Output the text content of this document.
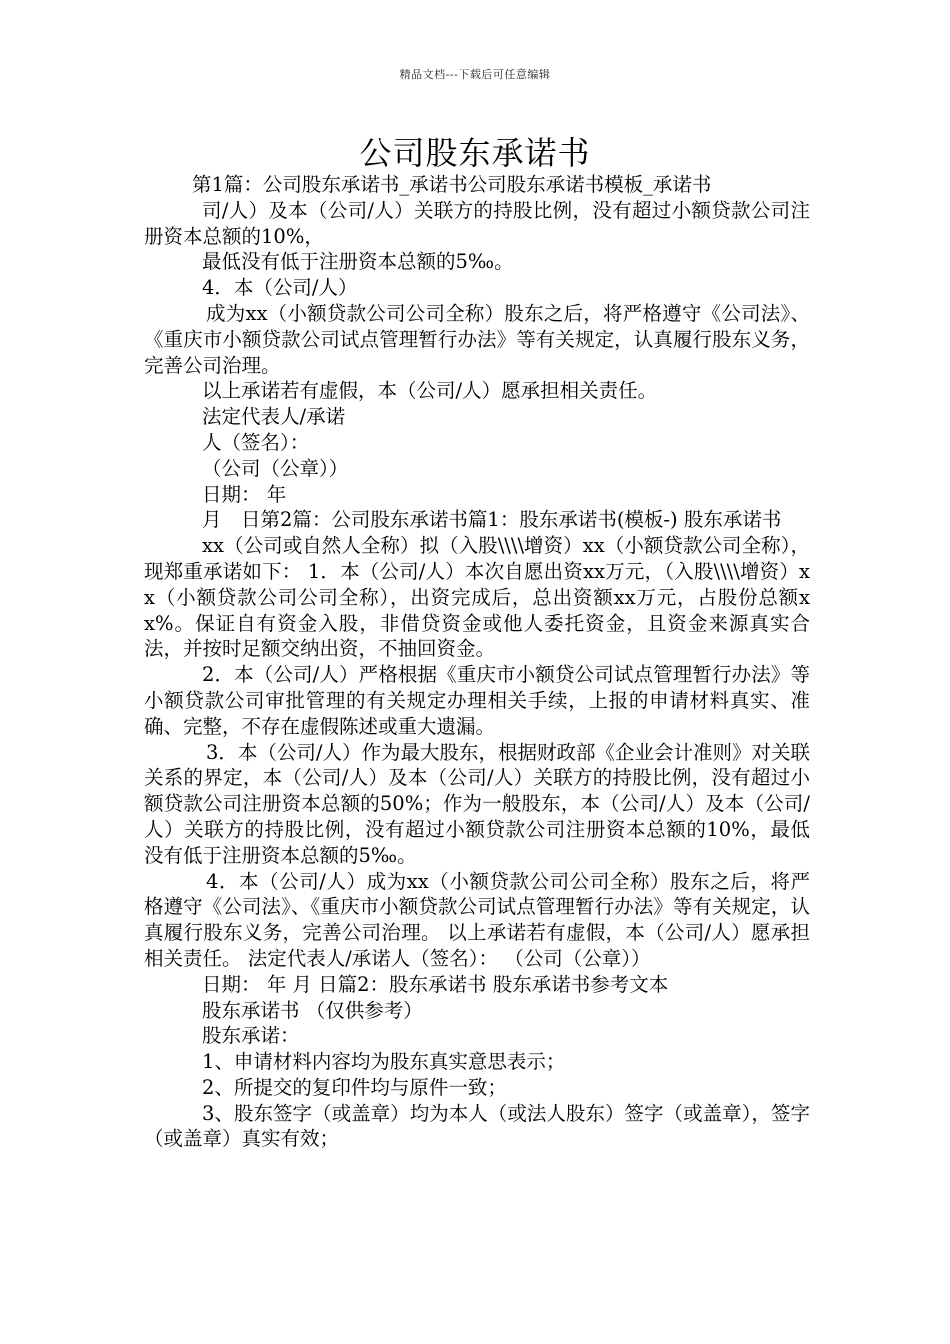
精品文档---下载后可任意编辑
公司股东承诺书

第1篇：公司股东承诺书_承诺书公司股东承诺书模板_承诺书

司/人）及本（公司/人）关联方的持股比例，没有超过小额贷款公司注册资本总额的10%，

最低没有低于注册资本总额的5‰。

4．本（公司/人）

成为xx（小额贷款公司公司全称）股东之后，将严格遵守《公司法》、《重庆市小额贷款公司试点管理暂行办法》等有关规定，认真履行股东义务，完善公司治理。

以上承诺若有虚假，本（公司/人）愿承担相关责任。

法定代表人/承诺

人（签名）：

（公司（公章））

日期： 年

月　日第2篇：公司股东承诺书篇1：股东承诺书(模板-) 股东承诺书

xx（公司或自然人全称）拟（入股\\\\增资）xx（小额贷款公司全称），现郑重承诺如下： 1．本（公司/人）本次自愿出资xx万元，（入股\\\\增资）xx（小额贷款公司公司全称），出资完成后，总出资额xx万元，占股份总额xx%。保证自有资金入股，非借贷资金或他人委托资金，且资金来源真实合法，并按时足额交纳出资，不抽回资金。

2．本（公司/人）严格根据《重庆市小额贷公司试点管理暂行办法》等小额贷款公司审批管理的有关规定办理相关手续，上报的申请材料真实、准确、完整，不存在虚假陈述或重大遗漏。

3．本（公司/人）作为最大股东，根据财政部《企业会计准则》对关联关系的界定，本（公司/人）及本（公司/人）关联方的持股比例，没有超过小额贷款公司注册资本总额的50%；作为一般股东，本（公司/人）及本（公司/人）关联方的持股比例，没有超过小额贷款公司注册资本总额的10%，最低没有低于注册资本总额的5‰。

4．本（公司/人）成为xx（小额贷款公司公司全称）股东之后，将严格遵守《公司法》、《重庆市小额贷款公司试点管理暂行办法》等有关规定，认真履行股东义务，完善公司治理。 以上承诺若有虚假，本（公司/人）愿承担相关责任。 法定代表人/承诺人（签名）： （公司（公章））

日期： 年 月 日篇2：股东承诺书 股东承诺书参考文本

股东承诺书 （仅供参考）

股东承诺：

1、申请材料内容均为股东真实意思表示；

2、所提交的复印件均与原件一致；

3、股东签字（或盖章）均为本人（或法人股东）签字（或盖章），签字（或盖章）真实有效；
